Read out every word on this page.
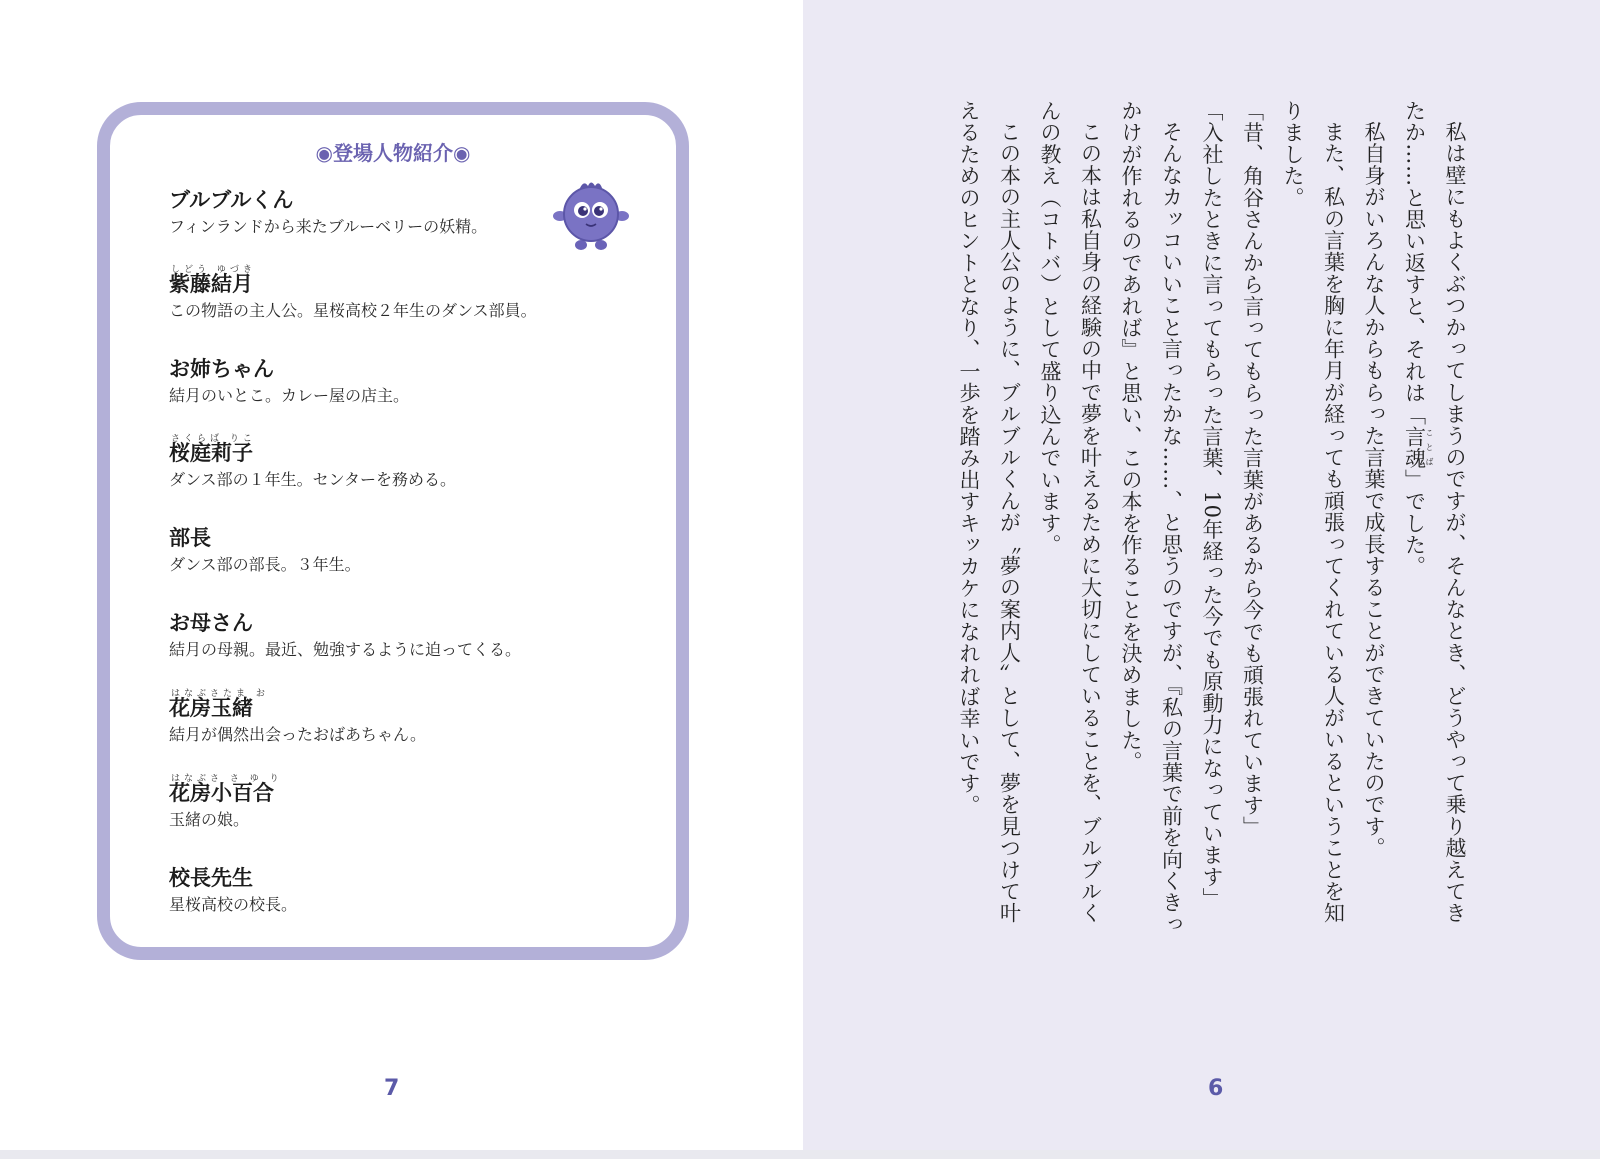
◉登場人物紹介◉
ブルブルくん
フィンランドから来たブルーベリーの妖精。
しどう ゆづき
紫藤結月
この物語の主人公。星桜高校２年生のダンス部員。
お姉ちゃん
結月のいとこ。カレー屋の店主。
さくらば りこ
桜庭莉子
ダンス部の１年生。センターを務める。
部長
ダンス部の部長。３年生。
お母さん
結月の母親。最近、勉強するように迫ってくる。
はなぶさたま お
花房玉緒
結月が偶然出会ったおばあちゃん。
はなぶさ さ ゆ り
花房小百合
玉緒の娘。
校長先生
星桜高校の校長。
7	6

私は壁にもよくぶつかってしまうのですが、そんなとき、どうやって乗り越えてきたか……と思い返すと、それは「言魂ことば」でした。

私自身がいろんな人からもらった言葉で成長することができていたのです。

また、私の言葉を胸に年月が経っても頑張ってくれている人がいるということを知りました。

「昔、角谷さんから言ってもらった言葉があるから今でも頑張れています」

「入社したときに言ってもらった言葉、10年経った今でも原動力になっています」

そんなカッコいいこと言ったかな……、と思うのですが、『私の言葉で前を向くきっかけが作れるのであれば』と思い、この本を作ることを決めました。

この本は私自身の経験の中で夢を叶えるために大切にしていることを、ブルブルくんの教え（コトバ）として盛り込んでいます。

この本の主人公のように、ブルブルくんが〝夢の案内人〟として、夢を見つけて叶えるためのヒントとなり、一歩を踏み出すキッカケになれれば幸いです。
